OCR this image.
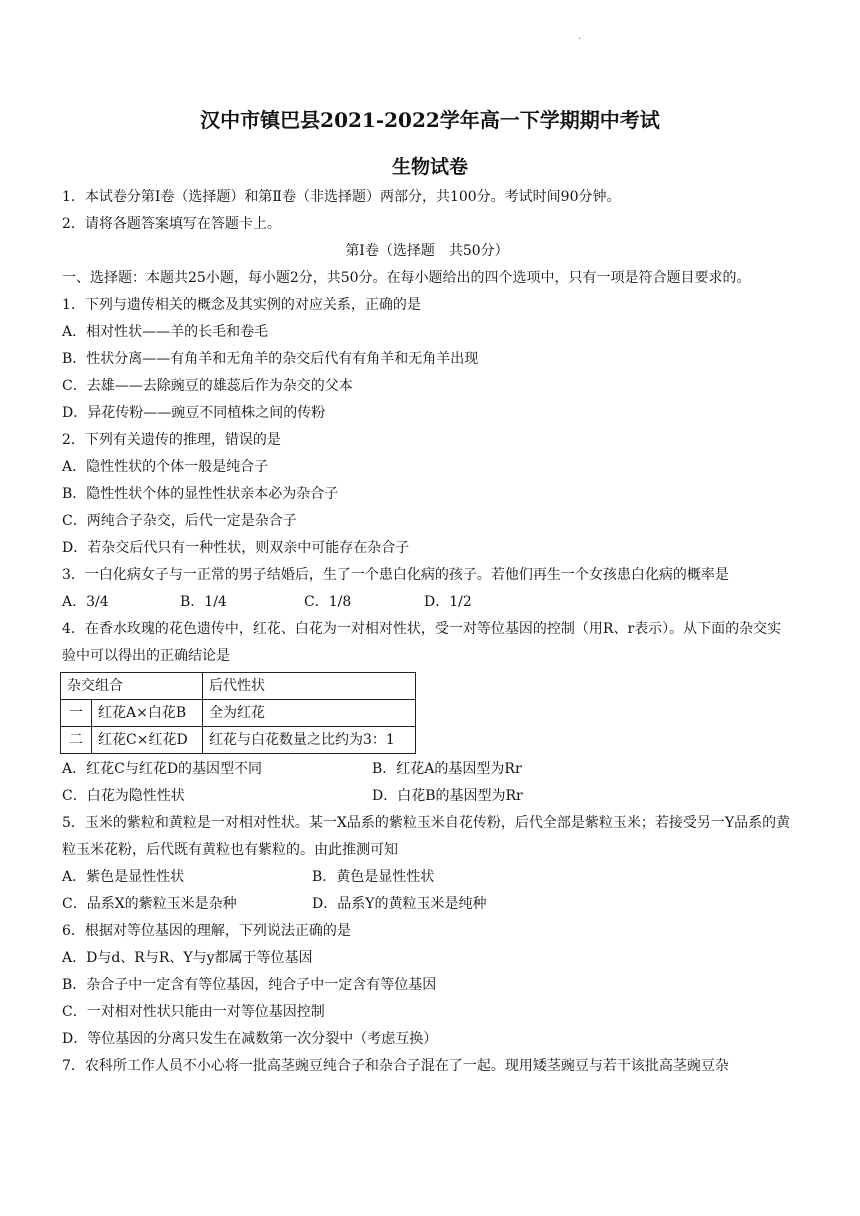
·
汉中市镇巴县2021-2022学年高一下学期期中考试
生物试卷
1．本试卷分第Ⅰ卷（选择题）和第Ⅱ卷（非选择题）两部分，共100分。考试时间90分钟。
2．请将各题答案填写在答题卡上。
第Ⅰ卷（选择题　共50分）
一、选择题：本题共25小题，每小题2分，共50分。在每小题给出的四个选项中，只有一项是符合题目要求的。
1．下列与遗传相关的概念及其实例的对应关系，正确的是
A．相对性状——羊的长毛和卷毛
B．性状分离——有角羊和无角羊的杂交后代有有角羊和无角羊出现
C．去雄——去除豌豆的雄蕊后作为杂交的父本
D．异花传粉——豌豆不同植株之间的传粉
2．下列有关遗传的推理，错误的是
A．隐性性状的个体一般是纯合子
B．隐性性状个体的显性性状亲本必为杂合子
C．两纯合子杂交，后代一定是杂合子
D．若杂交后代只有一种性状，则双亲中可能存在杂合子
3．一白化病女子与一正常的男子结婚后，生了一个患白化病的孩子。若他们再生一个女孩患白化病的概率是
A．3/4	B．1/4	C．1/8	D．1/2
4．在香水玫瑰的花色遗传中，红花、白花为一对相对性状，受一对等位基因的控制（用R、r表示）。从下面的杂交实验中可以得出的正确结论是
杂交组合		后代性状
一	红花A×白花B	全为红花
二	红花C×红花D	红花与白花数量之比约为3：1
A．红花C与红花D的基因型不同	B．红花A的基因型为Rr
C．白花为隐性性状	D．白花B的基因型为Rr
5．玉米的紫粒和黄粒是一对相对性状。某一X品系的紫粒玉米自花传粉，后代全部是紫粒玉米；若接受另一Y品系的黄粒玉米花粉，后代既有黄粒也有紫粒的。由此推测可知
A．紫色是显性性状	B．黄色是显性性状
C．品系X的紫粒玉米是杂种	D．品系Y的黄粒玉米是纯种
6．根据对等位基因的理解，下列说法正确的是
A．D与d、R与R、Y与y都属于等位基因
B．杂合子中一定含有等位基因，纯合子中一定含有等位基因
C．一对相对性状只能由一对等位基因控制
D．等位基因的分离只发生在减数第一次分裂中（考虑互换）
7．农科所工作人员不小心将一批高茎豌豆纯合子和杂合子混在了一起。现用矮茎豌豆与若干该批高茎豌豆杂
